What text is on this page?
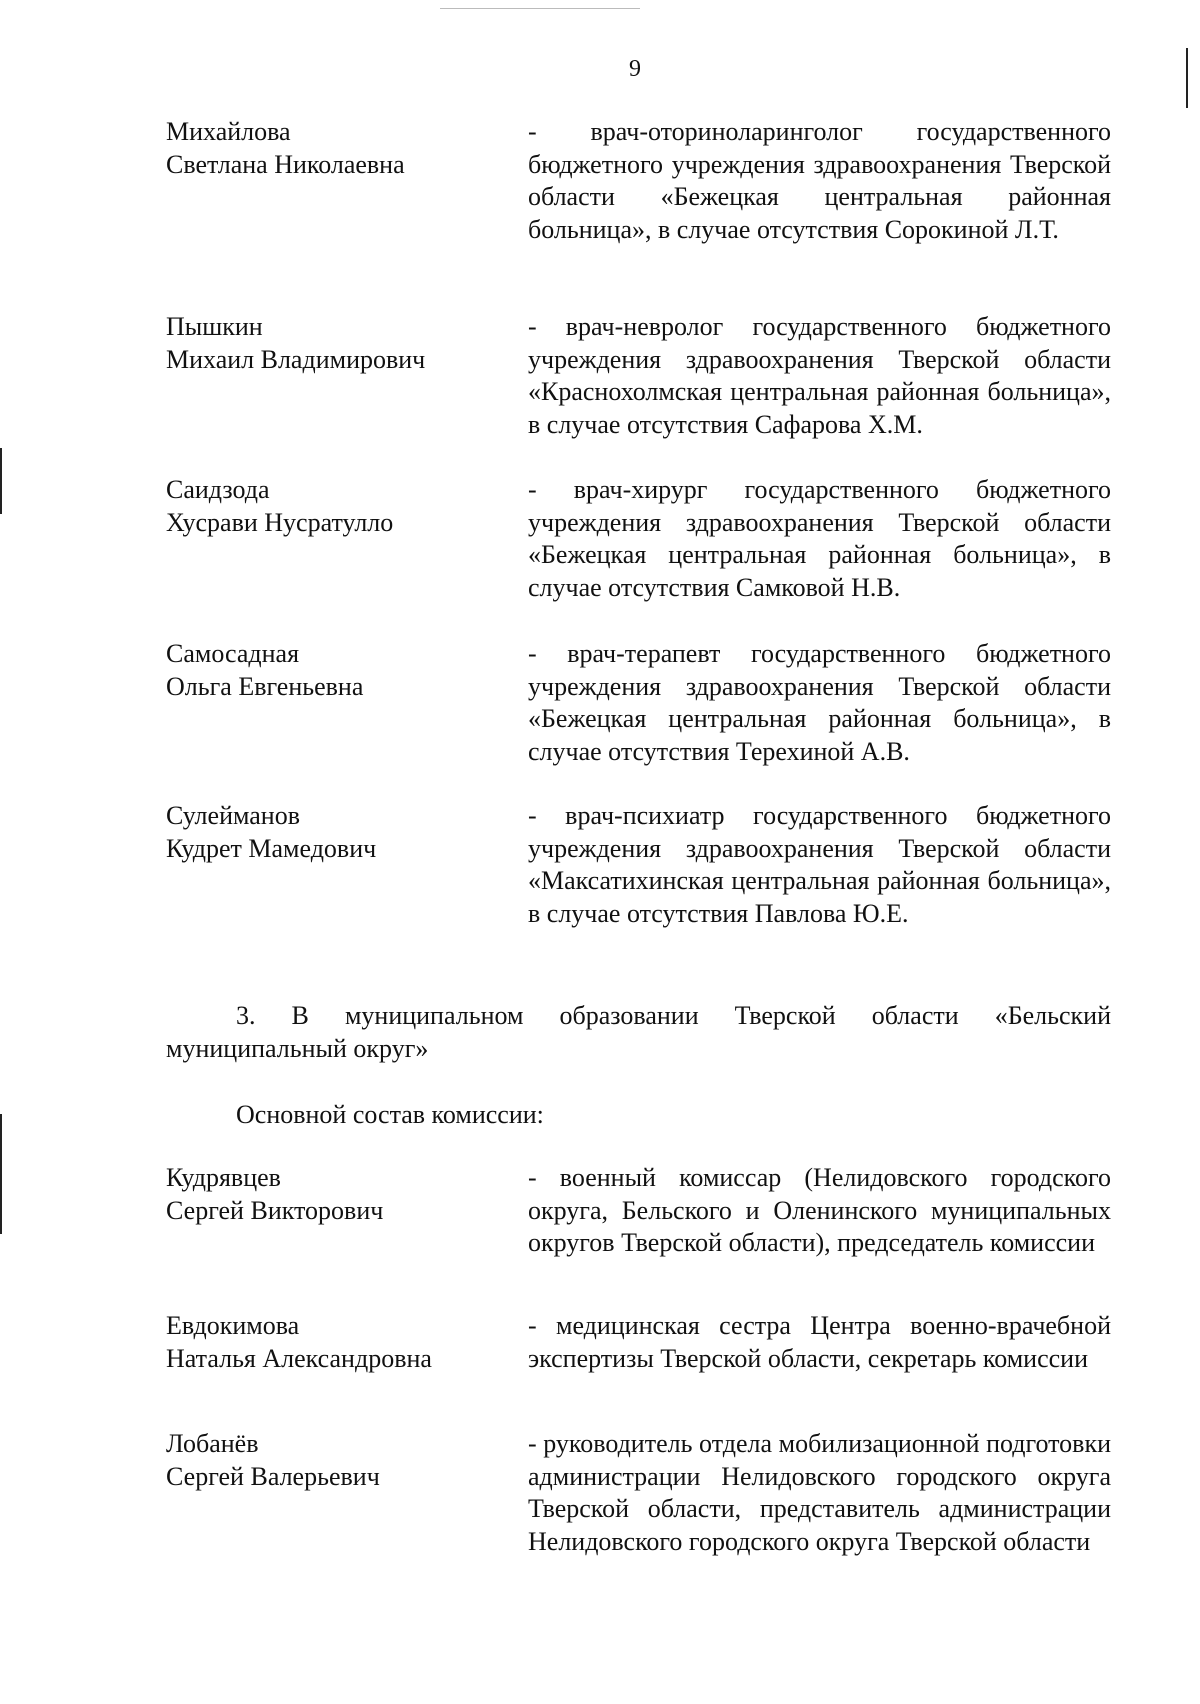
9
Михайлова
Светлана Николаевна
- врач-оториноларинголог государственного бюджетного учреждения здравоохранения Тверской области «Бежецкая центральная районная больница», в случае отсутствия Сорокиной Л.Т.
Пышкин
Михаил Владимирович
- врач-невролог государственного бюджетного учреждения здравоохранения Тверской области «Краснохолмская центральная районная больница», в случае отсутствия Сафарова Х.М.
Саидзода
Хусрави Нусратулло
- врач-хирург государственного бюджетного учреждения здравоохранения Тверской области «Бежецкая центральная районная больница», в случае отсутствия Самковой Н.В.
Самосадная
Ольга Евгеньевна
- врач-терапевт государственного бюджетного учреждения здравоохранения Тверской области «Бежецкая центральная районная больница», в случае отсутствия Терехиной А.В.
Сулейманов
Кудрет Мамедович
- врач-психиатр государственного бюджетного учреждения здравоохранения Тверской области «Максатихинская центральная районная больница», в случае отсутствия Павлова Ю.Е.
3. В муниципальном образовании Тверской области «Бельский муниципальный округ»
Основной состав комиссии:
Кудрявцев
Сергей Викторович
- военный комиссар (Нелидовского городского округа, Бельского и Оленинского муниципальных округов Тверской области), председатель комиссии
Евдокимова
Наталья Александровна
- медицинская сестра Центра военно-врачебной экспертизы Тверской области, секретарь комиссии
Лобанёв
Сергей Валерьевич
- руководитель отдела мобилизационной подготовки администрации Нелидовского городского округа Тверской области, представитель администрации Нелидовского городского округа Тверской области
